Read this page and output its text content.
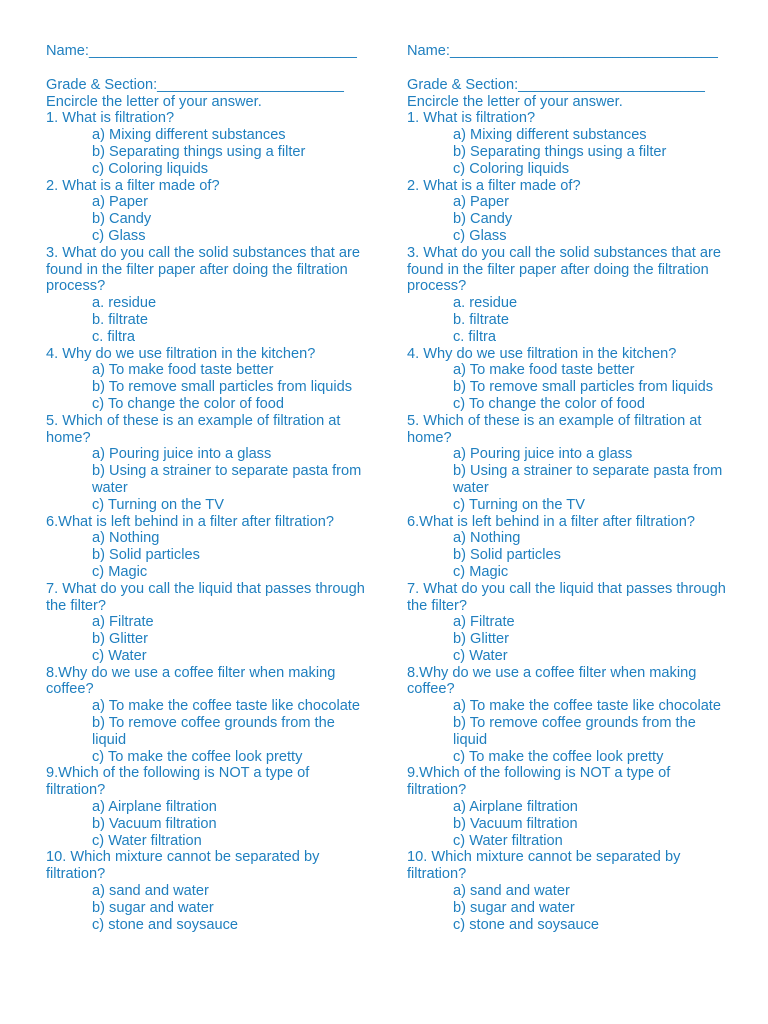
Name:_________________________________
Grade & Section:_______________________
Encircle the letter of your answer.
1. What is filtration?
a) Mixing different substances
b) Separating things using a filter
c) Coloring liquids
2. What is a filter made of?
a) Paper
b) Candy
c) Glass
3. What do you call the solid substances that are found in the filter paper after doing the filtration process?
a. residue
b. filtrate
c. filtra
4. Why do we use filtration in the kitchen?
a) To make food taste better
b) To remove small particles from liquids
c) To change the color of food
5. Which of these is an example of filtration at home?
a) Pouring juice into a glass
b) Using a strainer to separate pasta from water
c) Turning on the TV
6.What is left behind in a filter after filtration?
a) Nothing
b) Solid particles
c) Magic
7. What do you call the liquid that passes through the filter?
a) Filtrate
b) Glitter
c) Water
8.Why do we use a coffee filter when making coffee?
a) To make the coffee taste like chocolate
b) To remove coffee grounds from the liquid
c) To make the coffee look pretty
9.Which of the following is NOT a type of filtration?
a) Airplane filtration
b) Vacuum filtration
c) Water filtration
10. Which mixture cannot be separated by filtration?
a) sand and water
b) sugar and water
c) stone and soysauce
Name:_________________________________
Grade & Section:_______________________
Encircle the letter of your answer.
1. What is filtration?
a) Mixing different substances
b) Separating things using a filter
c) Coloring liquids
2. What is a filter made of?
a) Paper
b) Candy
c) Glass
3. What do you call the solid substances that are found in the filter paper after doing the filtration process?
a. residue
b. filtrate
c. filtra
4. Why do we use filtration in the kitchen?
a) To make food taste better
b) To remove small particles from liquids
c) To change the color of food
5. Which of these is an example of filtration at home?
a) Pouring juice into a glass
b) Using a strainer to separate pasta from water
c) Turning on the TV
6.What is left behind in a filter after filtration?
a) Nothing
b) Solid particles
c) Magic
7. What do you call the liquid that passes through the filter?
a) Filtrate
b) Glitter
c) Water
8.Why do we use a coffee filter when making coffee?
a) To make the coffee taste like chocolate
b) To remove coffee grounds from the liquid
c) To make the coffee look pretty
9.Which of the following is NOT a type of filtration?
a) Airplane filtration
b) Vacuum filtration
c) Water filtration
10. Which mixture cannot be separated by filtration?
a) sand and water
b) sugar and water
c) stone and soysauce
